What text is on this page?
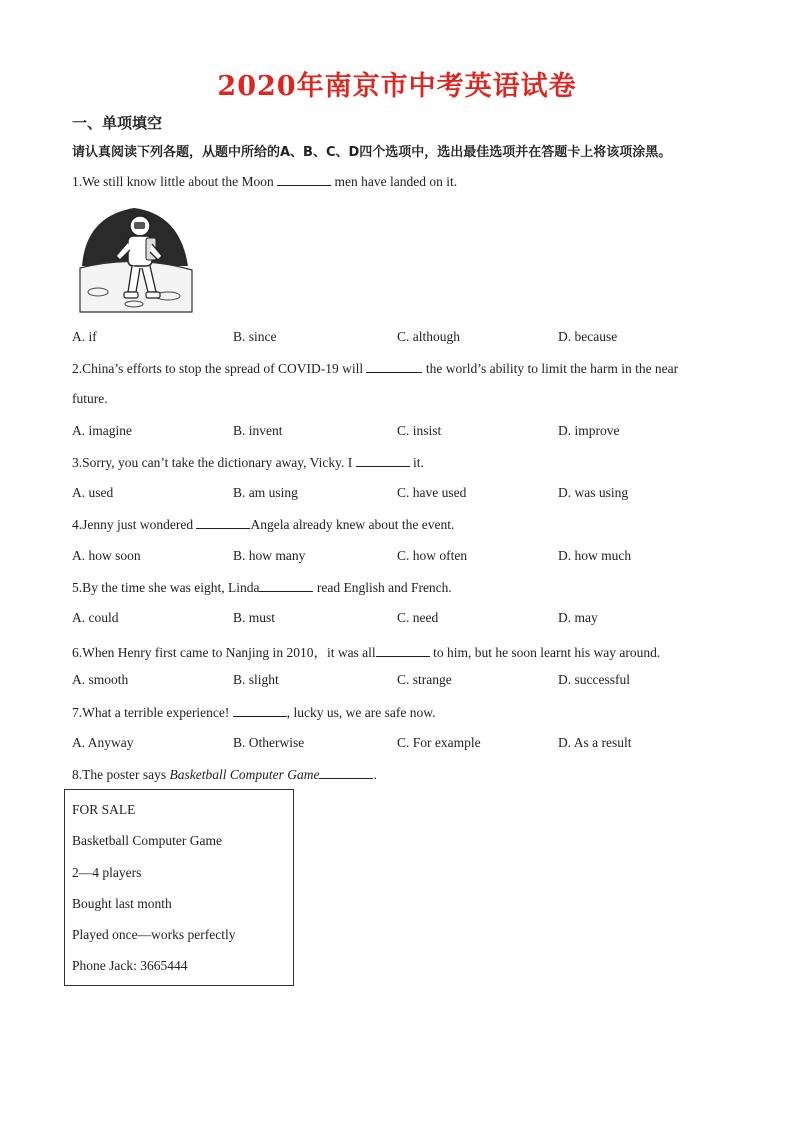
2020年南京市中考英语试卷
一、单项填空
请认真阅读下列各题，从题中所给的A、B、C、D四个选项中，选出最佳选项并在答题卡上将该项涂黑。
1.We still know little about the Moon	men have landed on it.
A. if	B. since	C. although	D. because
2.China’s efforts to stop the spread of COVID-19 will	the world’s ability to limit the harm in the near
future.
A. imagine	B. invent	C. insist	D. improve
3.Sorry, you can’t take the dictionary away, Vicky. I	it.
A. used	B. am using	C. have used	D. was using
4.Jenny just wondered	Angela already knew about the event.
A. how soon	B. how many	C. how often	D. how much
5.By the time she was eight, Linda	read English and French.
A. could	B. must	C. need	D. may
6.When Henry first came to Nanjing in 2010，it was all	to him, but he soon learnt his way around.
A. smooth	B. slight	C. strange	D. successful
7.What a terrible experience!	, lucky us, we are safe now.
A. Anyway	B. Otherwise	C. For example	D. As a result
8.The poster says Basketball Computer Game	.
FOR SALE
Basketball Computer Game
2—4 players
Bought last month
Played once—works perfectly
Phone Jack: 3665444
